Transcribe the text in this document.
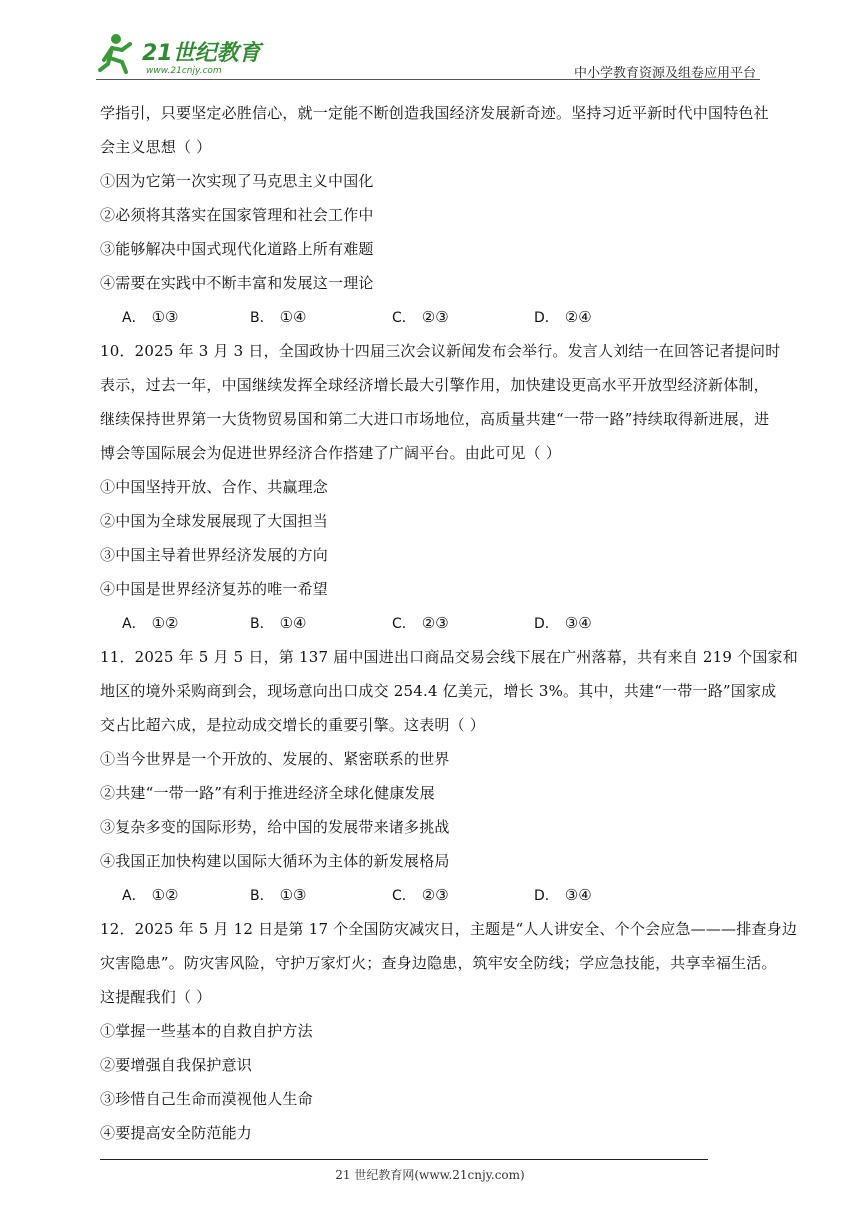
21世纪教育
www.21cnjy.com	中小学教育资源及组卷应用平台
学指引，只要坚定必胜信心，就一定能不断创造我国经济发展新奇迹。坚持习近平新时代中国特色社
会主义思想（ ）
①因为它第一次实现了马克思主义中国化
②必须将其落实在国家管理和社会工作中
③能够解决中国式现代化道路上所有难题
④需要在实践中不断丰富和发展这一理论
A． ①③	B． ①④	C． ②③	D． ②④
10．2025 年 3 月 3 日，全国政协十四届三次会议新闻发布会举行。发言人刘结一在回答记者提问时
表示，过去一年，中国继续发挥全球经济增长最大引擎作用，加快建设更高水平开放型经济新体制，
继续保持世界第一大货物贸易国和第二大进口市场地位，高质量共建“一带一路”持续取得新进展，进
博会等国际展会为促进世界经济合作搭建了广阔平台。由此可见（ ）
①中国坚持开放、合作、共赢理念
②中国为全球发展展现了大国担当
③中国主导着世界经济发展的方向
④中国是世界经济复苏的唯一希望
A． ①②	B． ①④	C． ②③	D． ③④
11．2025 年 5 月 5 日，第 137 届中国进出口商品交易会线下展在广州落幕，共有来自 219 个国家和
地区的境外采购商到会，现场意向出口成交 254.4 亿美元，增长 3%。其中，共建“一带一路”国家成
交占比超六成，是拉动成交增长的重要引擎。这表明（ ）
①当今世界是一个开放的、发展的、紧密联系的世界
②共建“一带一路”有利于推进经济全球化健康发展
③复杂多变的国际形势，给中国的发展带来诸多挑战
④我国正加快构建以国际大循环为主体的新发展格局
A． ①②	B． ①③	C． ②③	D． ③④
12．2025 年 5 月 12 日是第 17 个全国防灾减灾日，主题是“人人讲安全、个个会应急———排查身边
灾害隐患”。防灾害风险，守护万家灯火；查身边隐患，筑牢安全防线；学应急技能，共享幸福生活。
这提醒我们（ ）
①掌握一些基本的自救自护方法
②要增强自我保护意识
③珍惜自己生命而漠视他人生命
④要提高安全防范能力
21 世纪教育网(www.21cnjy.com)
